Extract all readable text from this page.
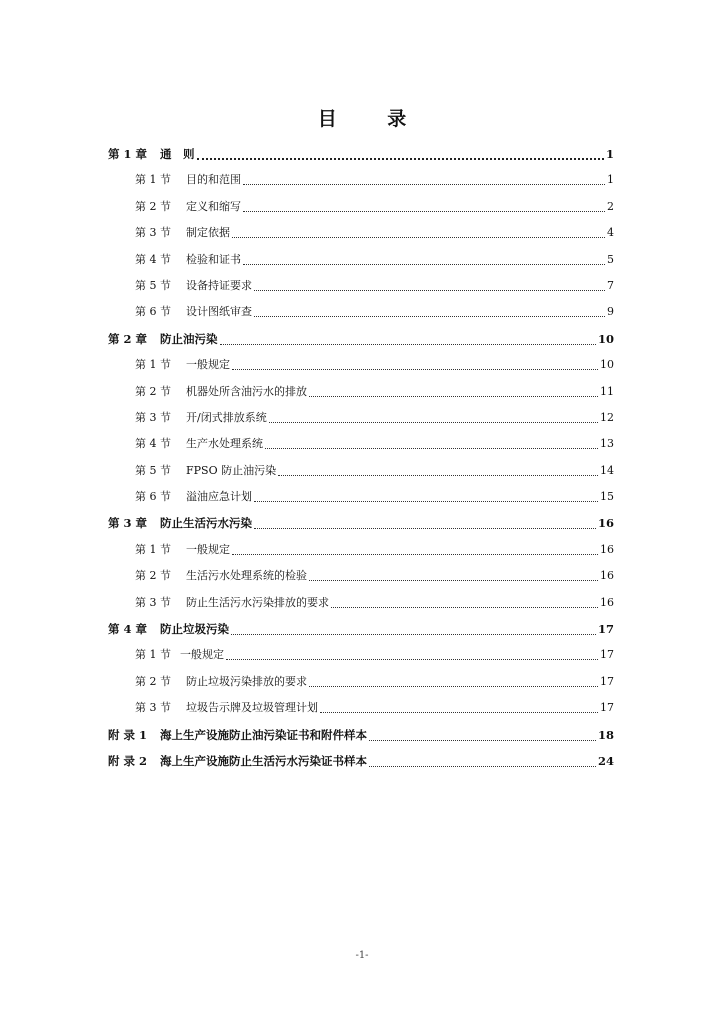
目 录
第 1 章	通　则	1
第 1 节	目的和范围	1
第 2 节	定义和缩写	2
第 3 节	制定依据	4
第 4 节	检验和证书	5
第 5 节	设备持证要求	7
第 6 节	设计图纸审查	9
第 2 章	防止油污染	10
第 1 节	一般规定	10
第 2 节	机器处所含油污水的排放	11
第 3 节	开/闭式排放系统	12
第 4 节	生产水处理系统	13
第 5 节	FPSO 防止油污染	14
第 6 节	溢油应急计划	15
第 3 章	防止生活污水污染	16
第 1 节	一般规定	16
第 2 节	生活污水处理系统的检验	16
第 3 节	防止生活污水污染排放的要求	16
第 4 章	防止垃圾污染	17
第 1 节 一般规定	17
第 2 节	防止垃圾污染排放的要求	17
第 3 节	垃圾告示牌及垃圾管理计划	17
附 录 1	海上生产设施防止油污染证书和附件样本	18
附 录 2	海上生产设施防止生活污水污染证书样本	24
-1-
